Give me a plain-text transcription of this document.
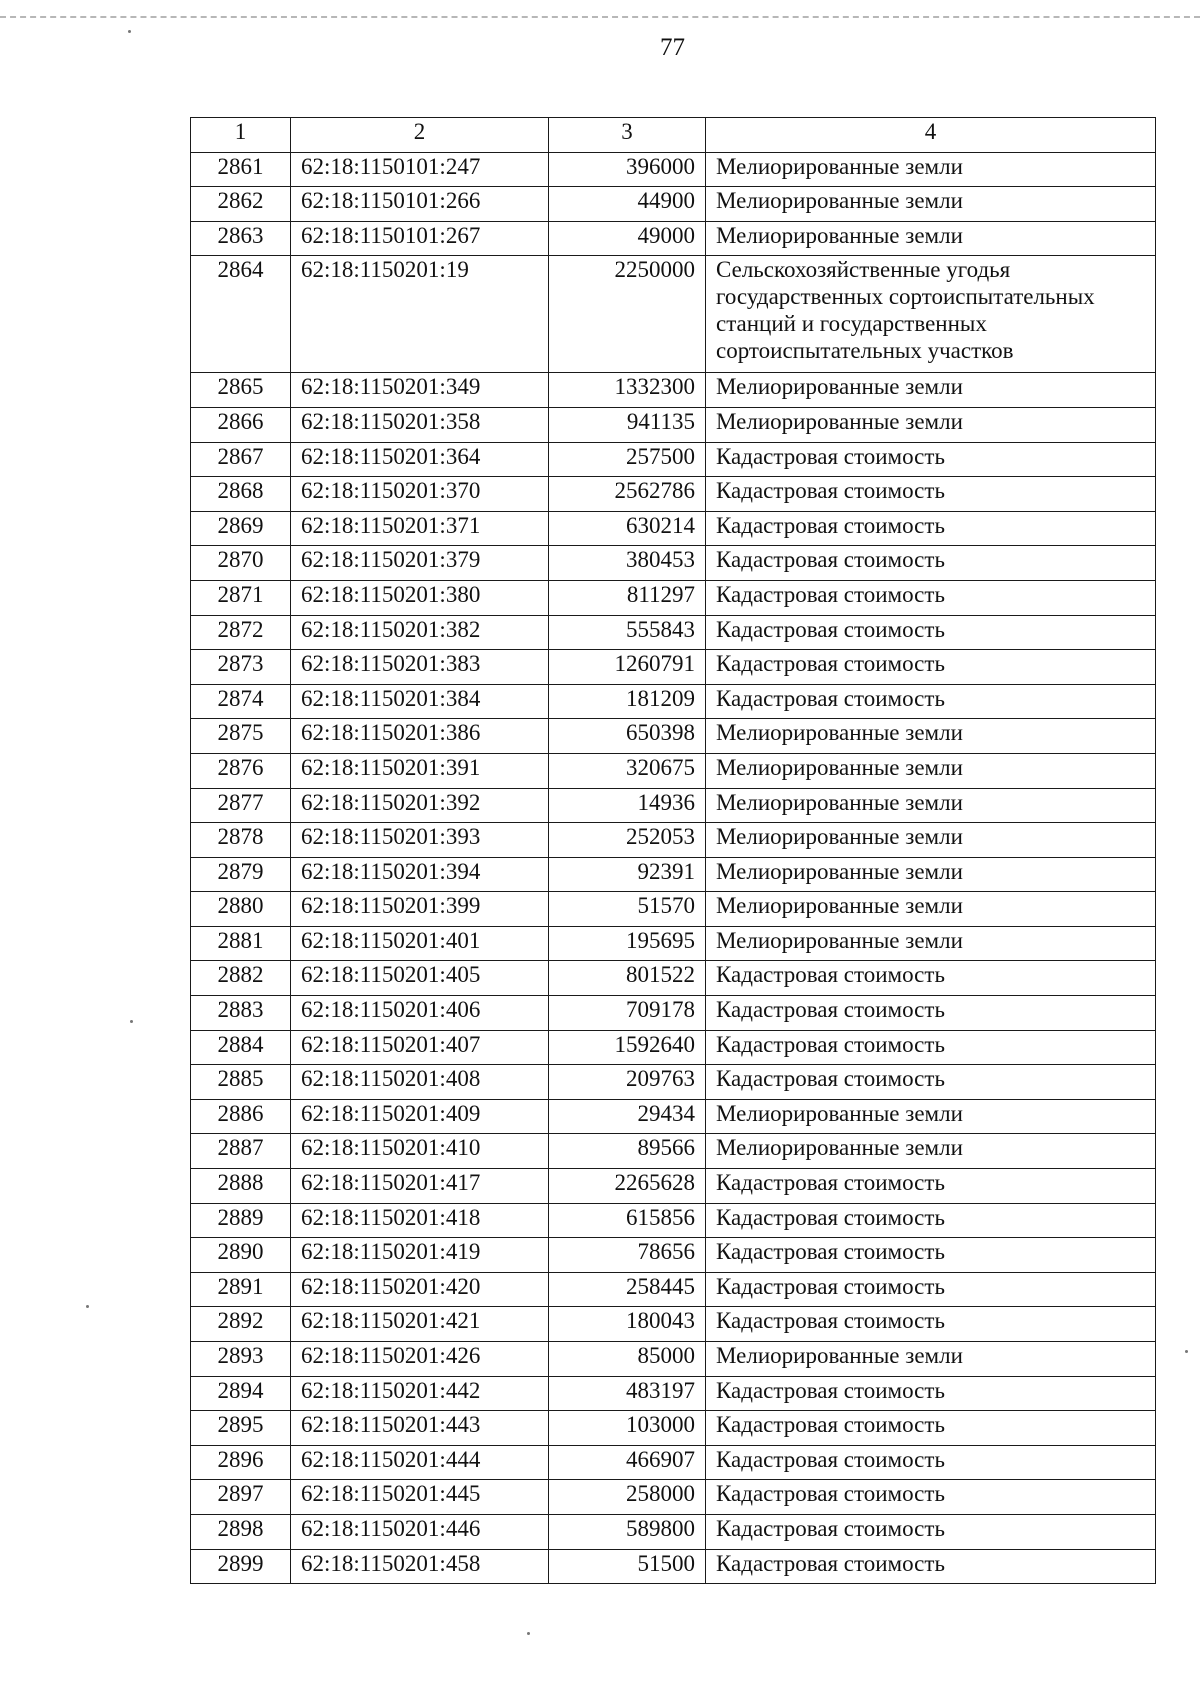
77
1	2	3	4
2861	62:18:1150101:247	396000	Мелиорированные земли
2862	62:18:1150101:266	44900	Мелиорированные земли
2863	62:18:1150101:267	49000	Мелиорированные земли
2864	62:18:1150201:19	2250000	Сельскохозяйственные угодья государственных сортоиспытательных станций и государственных сортоиспытательных участков
2865	62:18:1150201:349	1332300	Мелиорированные земли
2866	62:18:1150201:358	941135	Мелиорированные земли
2867	62:18:1150201:364	257500	Кадастровая стоимость
2868	62:18:1150201:370	2562786	Кадастровая стоимость
2869	62:18:1150201:371	630214	Кадастровая стоимость
2870	62:18:1150201:379	380453	Кадастровая стоимость
2871	62:18:1150201:380	811297	Кадастровая стоимость
2872	62:18:1150201:382	555843	Кадастровая стоимость
2873	62:18:1150201:383	1260791	Кадастровая стоимость
2874	62:18:1150201:384	181209	Кадастровая стоимость
2875	62:18:1150201:386	650398	Мелиорированные земли
2876	62:18:1150201:391	320675	Мелиорированные земли
2877	62:18:1150201:392	14936	Мелиорированные земли
2878	62:18:1150201:393	252053	Мелиорированные земли
2879	62:18:1150201:394	92391	Мелиорированные земли
2880	62:18:1150201:399	51570	Мелиорированные земли
2881	62:18:1150201:401	195695	Мелиорированные земли
2882	62:18:1150201:405	801522	Кадастровая стоимость
2883	62:18:1150201:406	709178	Кадастровая стоимость
2884	62:18:1150201:407	1592640	Кадастровая стоимость
2885	62:18:1150201:408	209763	Кадастровая стоимость
2886	62:18:1150201:409	29434	Мелиорированные земли
2887	62:18:1150201:410	89566	Мелиорированные земли
2888	62:18:1150201:417	2265628	Кадастровая стоимость
2889	62:18:1150201:418	615856	Кадастровая стоимость
2890	62:18:1150201:419	78656	Кадастровая стоимость
2891	62:18:1150201:420	258445	Кадастровая стоимость
2892	62:18:1150201:421	180043	Кадастровая стоимость
2893	62:18:1150201:426	85000	Мелиорированные земли
2894	62:18:1150201:442	483197	Кадастровая стоимость
2895	62:18:1150201:443	103000	Кадастровая стоимость
2896	62:18:1150201:444	466907	Кадастровая стоимость
2897	62:18:1150201:445	258000	Кадастровая стоимость
2898	62:18:1150201:446	589800	Кадастровая стоимость
2899	62:18:1150201:458	51500	Кадастровая стоимость
